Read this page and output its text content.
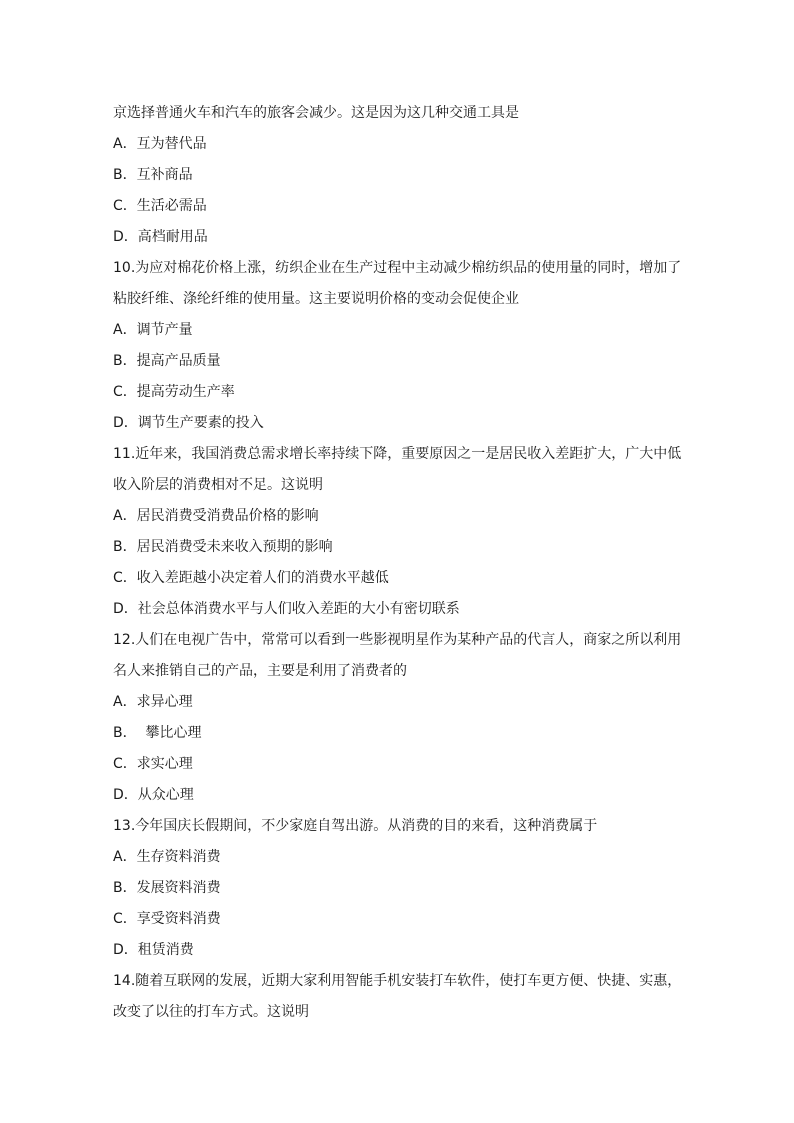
京选择普通火车和汽车的旅客会减少。这是因为这几种交通工具是
A．互为替代品
B．互补商品
C．生活必需品
D．高档耐用品
10.为应对棉花价格上涨，纺织企业在生产过程中主动减少棉纺织品的使用量的同时，增加了
粘胶纤维、涤纶纤维的使用量。这主要说明价格的变动会促使企业
A．调节产量
B．提高产品质量
C．提高劳动生产率
D．调节生产要素的投入
11.近年来，我国消费总需求增长率持续下降，重要原因之一是居民收入差距扩大，广大中低
收入阶层的消费相对不足。这说明
A．居民消费受消费品价格的影响
B．居民消费受未来收入预期的影响
C．收入差距越小决定着人们的消费水平越低
D．社会总体消费水平与人们收入差距的大小有密切联系
12.人们在电视广告中，常常可以看到一些影视明星作为某种产品的代言人，商家之所以利用
名人来推销自己的产品，主要是利用了消费者的
A．求异心理
B．  攀比心理
C．求实心理
D．从众心理
13.今年国庆长假期间，不少家庭自驾出游。从消费的目的来看，这种消费属于
A．生存资料消费
B．发展资料消费
C．享受资料消费
D．租赁消费
14.随着互联网的发展，近期大家利用智能手机安装打车软件，使打车更方便、快捷、实惠，
改变了以往的打车方式。这说明
